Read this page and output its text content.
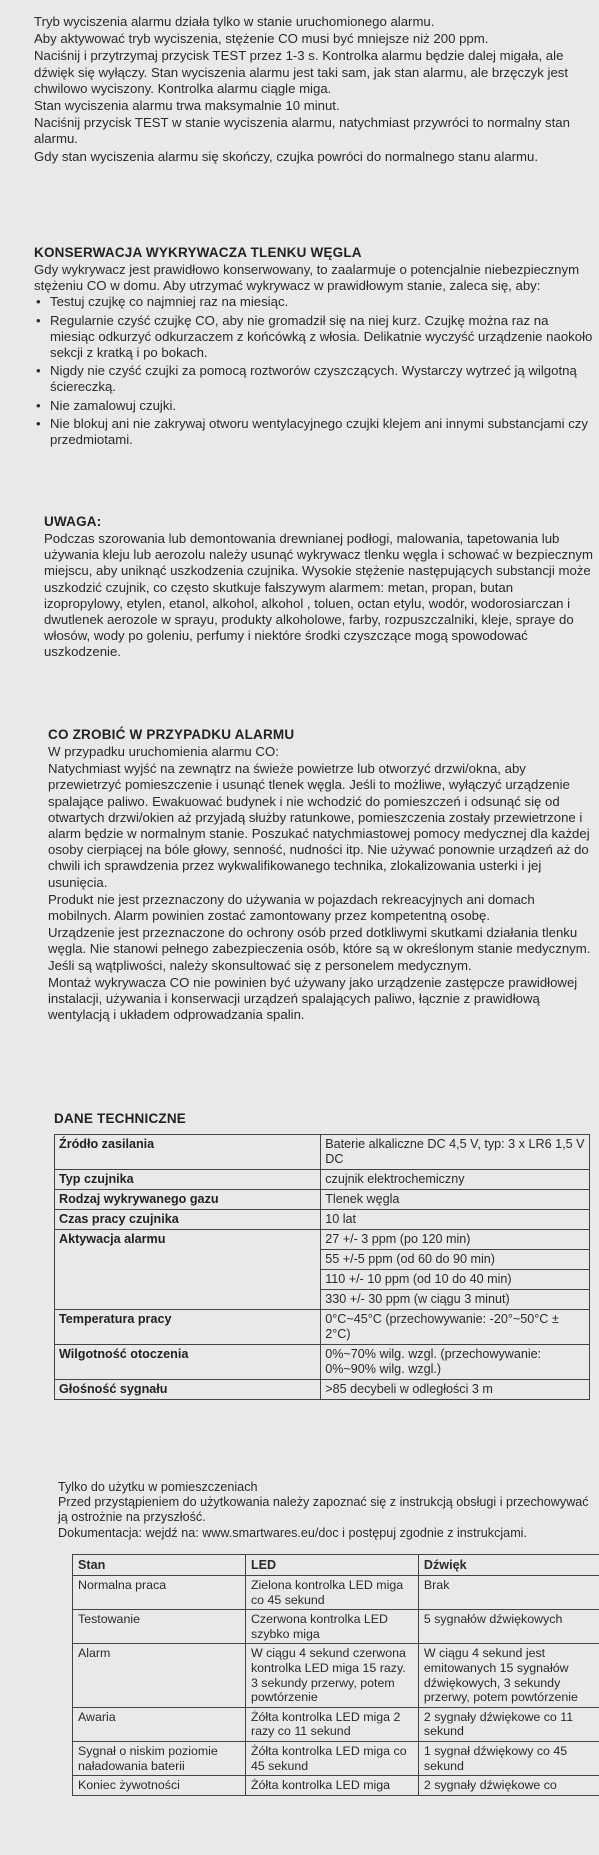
Tryb wyciszenia alarmu działa tylko w stanie uruchomionego alarmu.

Aby aktywować tryb wyciszenia, stężenie CO musi być mniejsze niż 200 ppm.

Naciśnij i przytrzymaj przycisk TEST przez 1-3 s. Kontrolka alarmu będzie dalej migała, ale dźwięk się wyłączy. Stan wyciszenia alarmu jest taki sam, jak stan alarmu, ale brzęczyk jest chwilowo wyciszony. Kontrolka alarmu ciągle miga.

Stan wyciszenia alarmu trwa maksymalnie 10 minut.

Naciśnij przycisk TEST w stanie wyciszenia alarmu, natychmiast przywróci to normalny stan alarmu.

Gdy stan wyciszenia alarmu się skończy, czujka powróci do normalnego stanu alarmu.

KONSERWACJA WYKRYWACZA TLENKU WĘGLA

Gdy wykrywacz jest prawidłowo konserwowany, to zaalarmuje o potencjalnie niebezpiecznym stężeniu CO w domu. Aby utrzymać wykrywacz w prawidłowym stanie, zaleca się, aby:

• Testuj czujkę co najmniej raz na miesiąc.
• Regularnie czyść czujkę CO, aby nie gromadził się na niej kurz. Czujkę można raz na miesiąc odkurzyć odkurzaczem z końcówką z włosia. Delikatnie wyczyść urządzenie naokoło sekcji z kratką i po bokach.
• Nigdy nie czyść czujki za pomocą roztworów czyszczących. Wystarczy wytrzeć ją wilgotną ściereczką.
• Nie zamalowuj czujki.
• Nie blokuj ani nie zakrywaj otworu wentylacyjnego czujki klejem ani innymi substancjami czy przedmiotami.

UWAGA:

Podczas szorowania lub demontowania drewnianej podłogi, malowania, tapetowania lub używania kleju lub aerozolu należy usunąć wykrywacz tlenku węgla i schować w bezpiecznym miejscu, aby uniknąć uszkodzenia czujnika. Wysokie stężenie następujących substancji może uszkodzić czujnik, co często skutkuje fałszywym alarmem: metan, propan, butan izopropylowy, etylen, etanol, alkohol, alkohol , toluen, octan etylu, wodór, wodorosiarczan i dwutlenek aerozole w sprayu, produkty alkoholowe, farby, rozpuszczalniki, kleje, spraye do włosów, wody po goleniu, perfumy i niektóre środki czyszczące mogą spowodować uszkodzenie.

CO ZROBIĆ W PRZYPADKU ALARMU

W przypadku uruchomienia alarmu CO:

Natychmiast wyjść na zewnątrz na świeże powietrze lub otworzyć drzwi/okna, aby przewietrzyć pomieszczenie i usunąć tlenek węgla. Jeśli to możliwe, wyłączyć urządzenie spalające paliwo. Ewakuować budynek i nie wchodzić do pomieszczeń i odsunąć się od otwartych drzwi/okien aż przyjadą służby ratunkowe, pomieszczenia zostały przewietrzone i alarm będzie w normalnym stanie. Poszukać natychmiastowej pomocy medycznej dla każdej osoby cierpiącej na bóle głowy, senność, nudności itp. Nie używać ponownie urządzeń aż do chwili ich sprawdzenia przez wykwalifikowanego technika, zlokalizowania usterki i jej usunięcia.

Produkt nie jest przeznaczony do używania w pojazdach rekreacyjnych ani domach mobilnych. Alarm powinien zostać zamontowany przez kompetentną osobę.

Urządzenie jest przeznaczone do ochrony osób przed dotkliwymi skutkami działania tlenku węgla. Nie stanowi pełnego zabezpieczenia osób, które są w określonym stanie medycznym. Jeśli są wątpliwości, należy skonsultować się z personelem medycznym.

Montaż wykrywacza CO nie powinien być używany jako urządzenie zastępcze prawidłowej instalacji, używania i konserwacji urządzeń spalających paliwo, łącznie z prawidłową wentylacją i układem odprowadzania spalin.

DANE TECHNICZNE

Źródło zasilania	Baterie alkaliczne DC 4,5 V, typ: 3 x LR6 1,5 V DC
Typ czujnika	czujnik elektrochemiczny
Rodzaj wykrywanego gazu	Tlenek węgla
Czas pracy czujnika	10 lat
Aktywacja alarmu	27 +/- 3 ppm (po 120 min)
	55 +/-5 ppm (od 60 do 90 min)
	110 +/- 10 ppm (od 10 do 40 min)
	330 +/- 30 ppm (w ciągu 3 minut)
Temperatura pracy	0°C~45°C (przechowywanie: -20°~50°C ± 2°C)
Wilgotność otoczenia	0%~70% wilg. wzgl. (przechowywanie: 0%~90% wilg. wzgl.)
Głośność sygnału	>85 decybeli w odległości 3 m

Tylko do użytku w pomieszczeniach

Przed przystąpieniem do użytkowania należy zapoznać się z instrukcją obsługi i przechowywać ją ostrożnie na przyszłość.

Dokumentacja: wejdź na: www.smartwares.eu/doc i postępuj zgodnie z instrukcjami.

Stan	LED	Dźwięk
Normalna praca	Zielona kontrolka LED miga co 45 sekund	Brak
Testowanie	Czerwona kontrolka LED szybko miga	5 sygnałów dźwiękowych
Alarm	W ciągu 4 sekund czerwona kontrolka LED miga 15 razy. 3 sekundy przerwy, potem powtórzenie	W ciągu 4 sekund jest emitowanych 15 sygnałów dźwiękowych, 3 sekundy przerwy, potem powtórzenie
Awaria	Żółta kontrolka LED miga 2 razy co 11 sekund	2 sygnały dźwiękowe co 11 sekund
Sygnał o niskim poziomie naładowania baterii	Żółta kontrolka LED miga co 45 sekund	1 sygnał dźwiękowy co 45 sekund
Koniec żywotności	Żółta kontrolka LED miga	2 sygnały dźwiękowe co
